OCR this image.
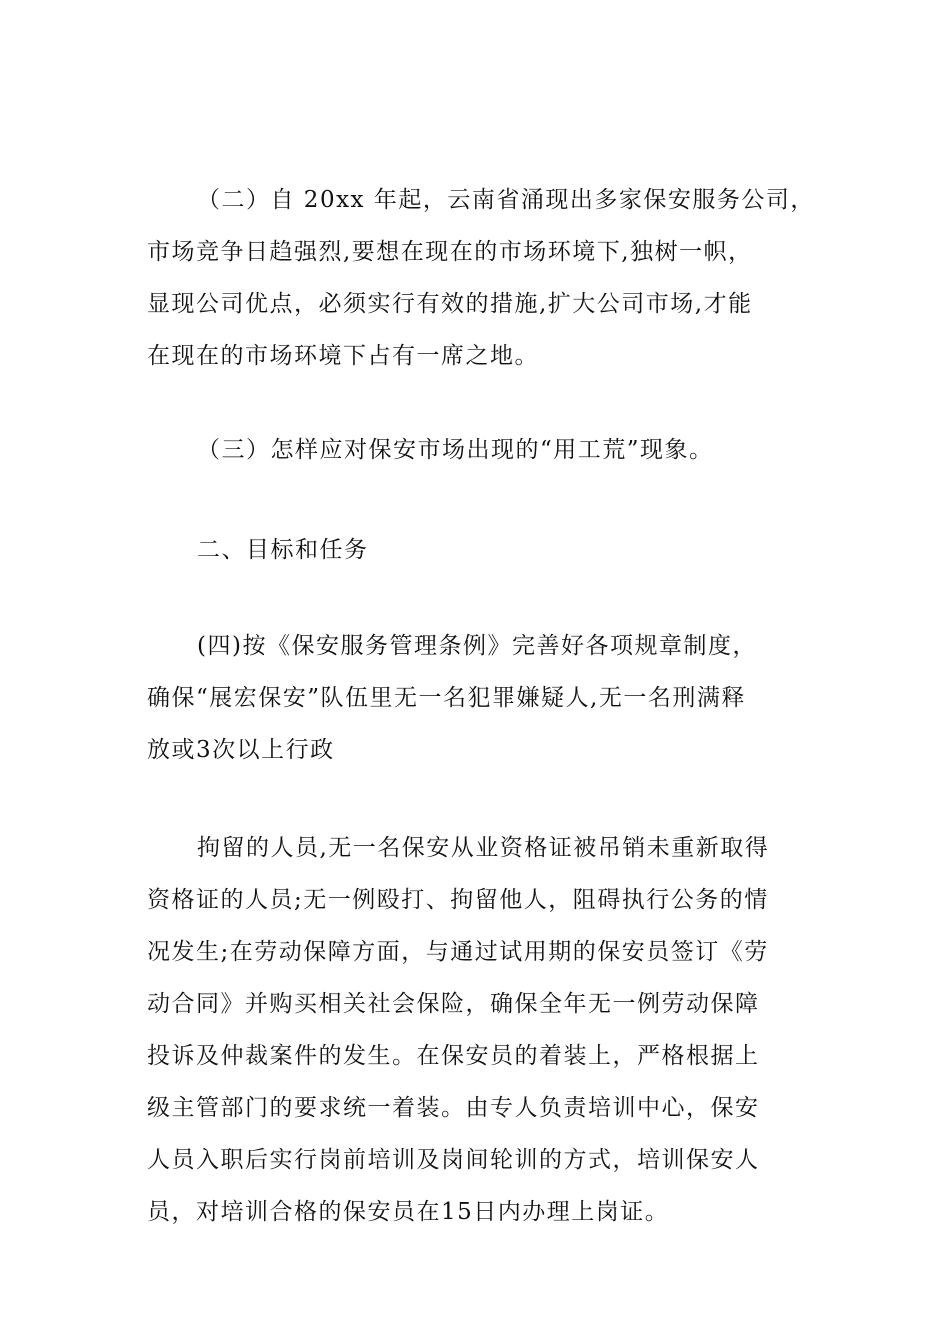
（二）自 20xx 年起，云南省涌现出多家保安服务公司，
市场竞争日趋强烈,要想在现在的市场环境下,独树一帜，
显现公司优点，必须实行有效的措施,扩大公司市场,才能
在现在的市场环境下占有一席之地。
（三）怎样应对保安市场出现的“用工荒”现象。
二、目标和任务
(四)按《保安服务管理条例》完善好各项规章制度，
确保“展宏保安”队伍里无一名犯罪嫌疑人,无一名刑满释
放或3次以上行政
拘留的人员,无一名保安从业资格证被吊销未重新取得
资格证的人员;无一例殴打、拘留他人，阻碍执行公务的情
况发生;在劳动保障方面，与通过试用期的保安员签订《劳
动合同》并购买相关社会保险，确保全年无一例劳动保障
投诉及仲裁案件的发生。在保安员的着装上，严格根据上
级主管部门的要求统一着装。由专人负责培训中心，保安
人员入职后实行岗前培训及岗间轮训的方式，培训保安人
员，对培训合格的保安员在15日内办理上岗证。
